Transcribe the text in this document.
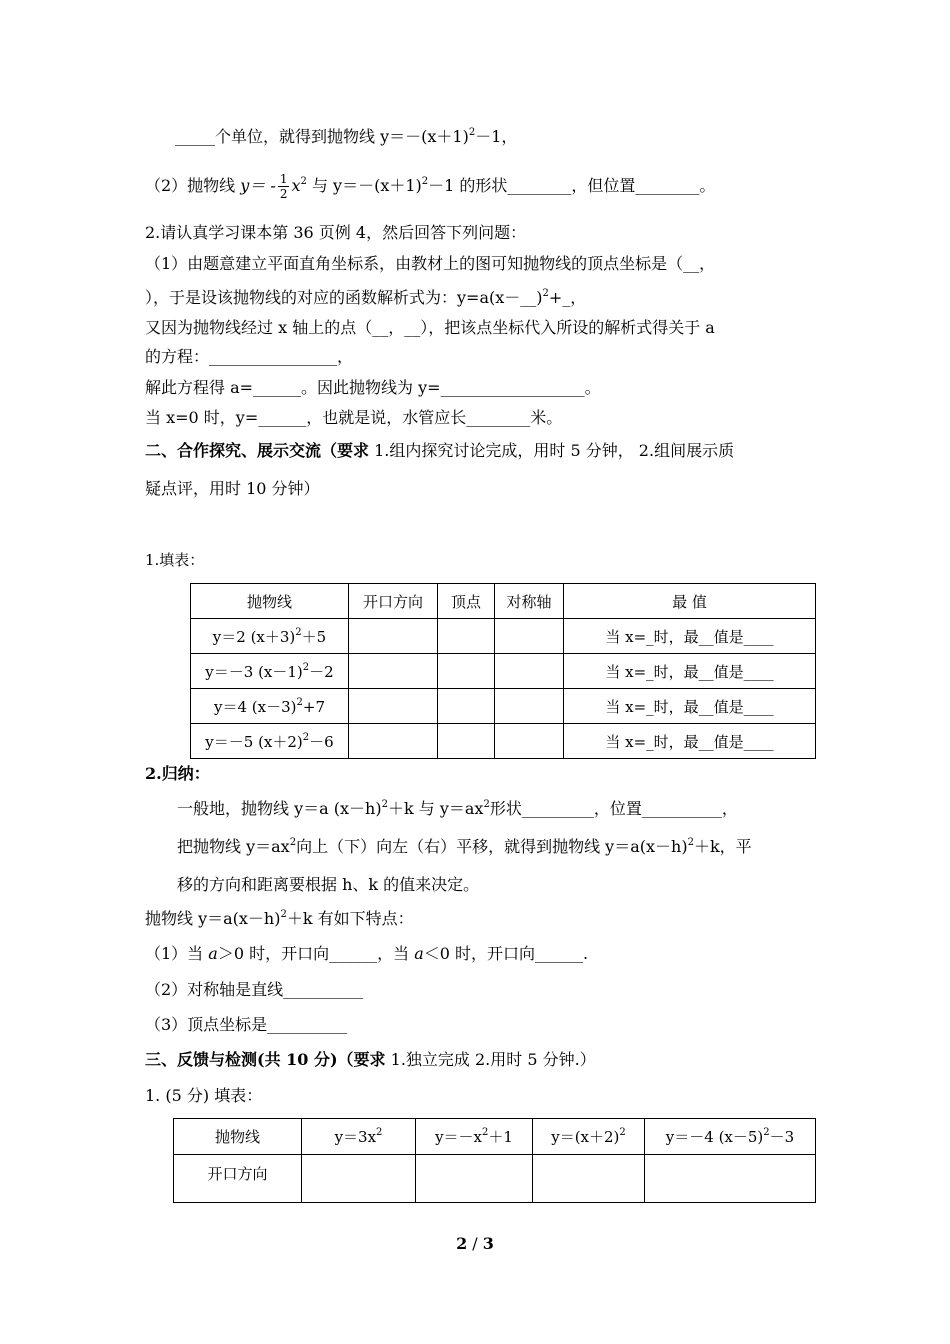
_____个单位，就得到抛物线 $y=-(x+1)^2-1$，
（2）抛物线 $y= - \frac{1}{2} x^2$ 与 $y=-(x+1)^2-1$ 的形状________，但位置________。
2.请认真学习课本第 36 页例 4，然后回答下列问题：
（1）由题意建立平面直角坐标系，由教材上的图可知抛物线的顶点坐标是（__，
），于是设该抛物线的对应的函数解析式为：y=a(x－__)$^2$+_，
又因为抛物线经过 x 轴上的点（__，__），把该点坐标代入所设的解析式得关于 a
的方程：________________，
解此方程得 a=______。因此抛物线为 y=__________________。
当 x=0 时，y=______，也就是说，水管应长________米。
二、合作探究、展示交流（要求 1.组内探究讨论完成，用时 5 分钟， 2.组间展示质
疑点评，用时 10 分钟）
1.填表：
抛物线	开口方向	顶点	对称轴	最 值
y＝2 $(x+3)^2+5$				当 x=_时，最__值是____
y＝－3 $(x-1)^2-2$				当 x=_时，最__值是____
y＝4 $(x-3)^2+7$				当 x=_时，最__值是____
y＝－5 $(x+2)^2-6$				当 x=_时，最__值是____
2.归纳：
一般地，抛物线 y＝a $(x-h)^2+k$ 与 $y=ax^2$形状_________，位置__________，
把抛物线 $y=ax^2$向上（下）向左（右）平移，就得到抛物线 $y=a(x-h)^2+k$，平
移的方向和距离要根据 h、k 的值来决定。
抛物线 $y=a(x-h)^2+k$ 有如下特点：
（1）当 a＞0 时，开口向______，当 a＜0 时，开口向______.
（2）对称轴是直线__________
（3）顶点坐标是__________
三、反馈与检测(共 10 分)（要求 1.独立完成 2.用时 5 分钟.）
1. (5 分) 填表：
抛物线	$y=3x^2$	$y=-x^2+1$	$y=(x+2)^2$	y＝－4 $(x-5)^2-3$
开口方向				
2 / 3
